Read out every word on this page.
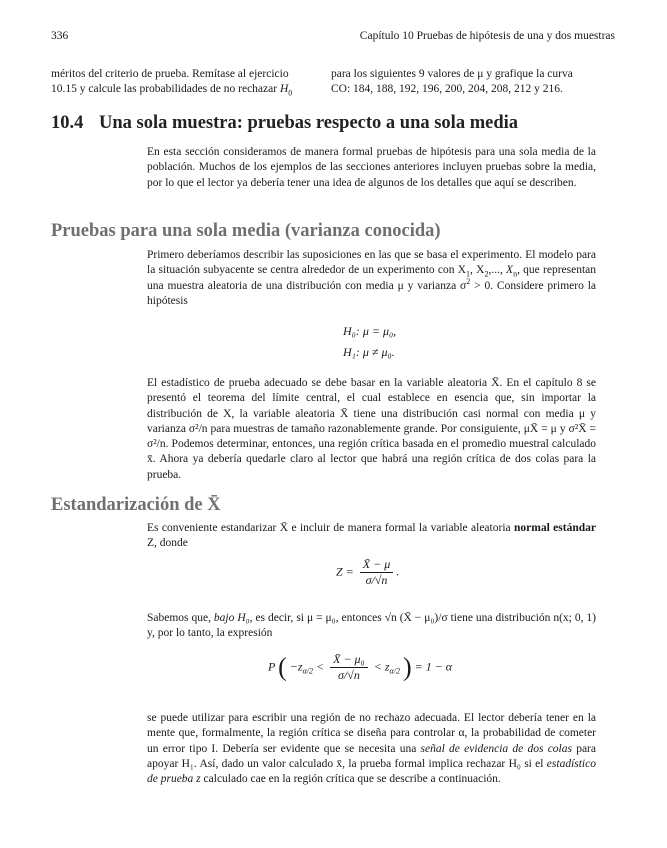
336	Capítulo 10 Pruebas de hipótesis de una y dos muestras
méritos del criterio de prueba. Remítase al ejercicio
10.15 y calcule las probabilidades de no rechazar $H_0$
para los siguientes 9 valores de μ y grafique la curva
CO: 184, 188, 192, 196, 200, 204, 208, 212 y 216.
10.4 Una sola muestra: pruebas respecto a una sola media
En esta sección consideramos de manera formal pruebas de hipótesis para una sola media de la población. Muchos de los ejemplos de las secciones anteriores incluyen pruebas sobre la media, por lo que el lector ya debería tener una idea de algunos de los detalles que aquí se describen.
Pruebas para una sola media (varianza conocida)
Primero deberíamos describir las suposiciones en las que se basa el experimento. El modelo para la situación subyacente se centra alrededor de un experimento con $X_1$, $X_2$,..., $X_n$, que representan una muestra aleatoria de una distribución con media μ y varianza $\sigma^2 > 0$. Considere primero la hipótesis
H₀: μ = μ₀,
H₁: μ ≠ μ₀.
El estadístico de prueba adecuado se debe basar en la variable aleatoria X̄. En el capítulo 8 se presentó el teorema del límite central, el cual establece en esencia que, sin importar la distribución de X, la variable aleatoria X̄ tiene una distribución casi normal con media μ y varianza σ²/n para muestras de tamaño razonablemente grande. Por consiguiente, μX̄ = μ y σ²X̄ = σ²/n. Podemos determinar, entonces, una región crítica basada en el promedio muestral calculado x̄. Ahora ya debería quedarle claro al lector que habrá una región crítica de dos colas para la prueba.
Estandarización de X̄
Es conveniente estandarizar X̄ e incluir de manera formal la variable aleatoria normal estándar Z, donde
$Z = \frac{X̄ - \mu}{\sigma/√n}$ .
Sabemos que, bajo H₀, es decir, si μ = μ₀, entonces √n (X̄ − μ₀)/σ tiene una distribución n(x; 0, 1) y, por lo tanto, la expresión
P ( $-z_{\alpha/2} < \frac{\text{X̄ − μ₀}}{\sigma/√n} < z_{\alpha/2}$ ) = 1 − α
se puede utilizar para escribir una región de no rechazo adecuada. El lector debería tener en la mente que, formalmente, la región crítica se diseña para controlar α, la probabilidad de cometer un error tipo I. Debería ser evidente que se necesita una señal de evidencia de dos colas para apoyar H₁. Así, dado un valor calculado x̄, la prueba formal implica rechazar H₀ si el estadístico de prueba z calculado cae en la región crítica que se describe a continuación.
